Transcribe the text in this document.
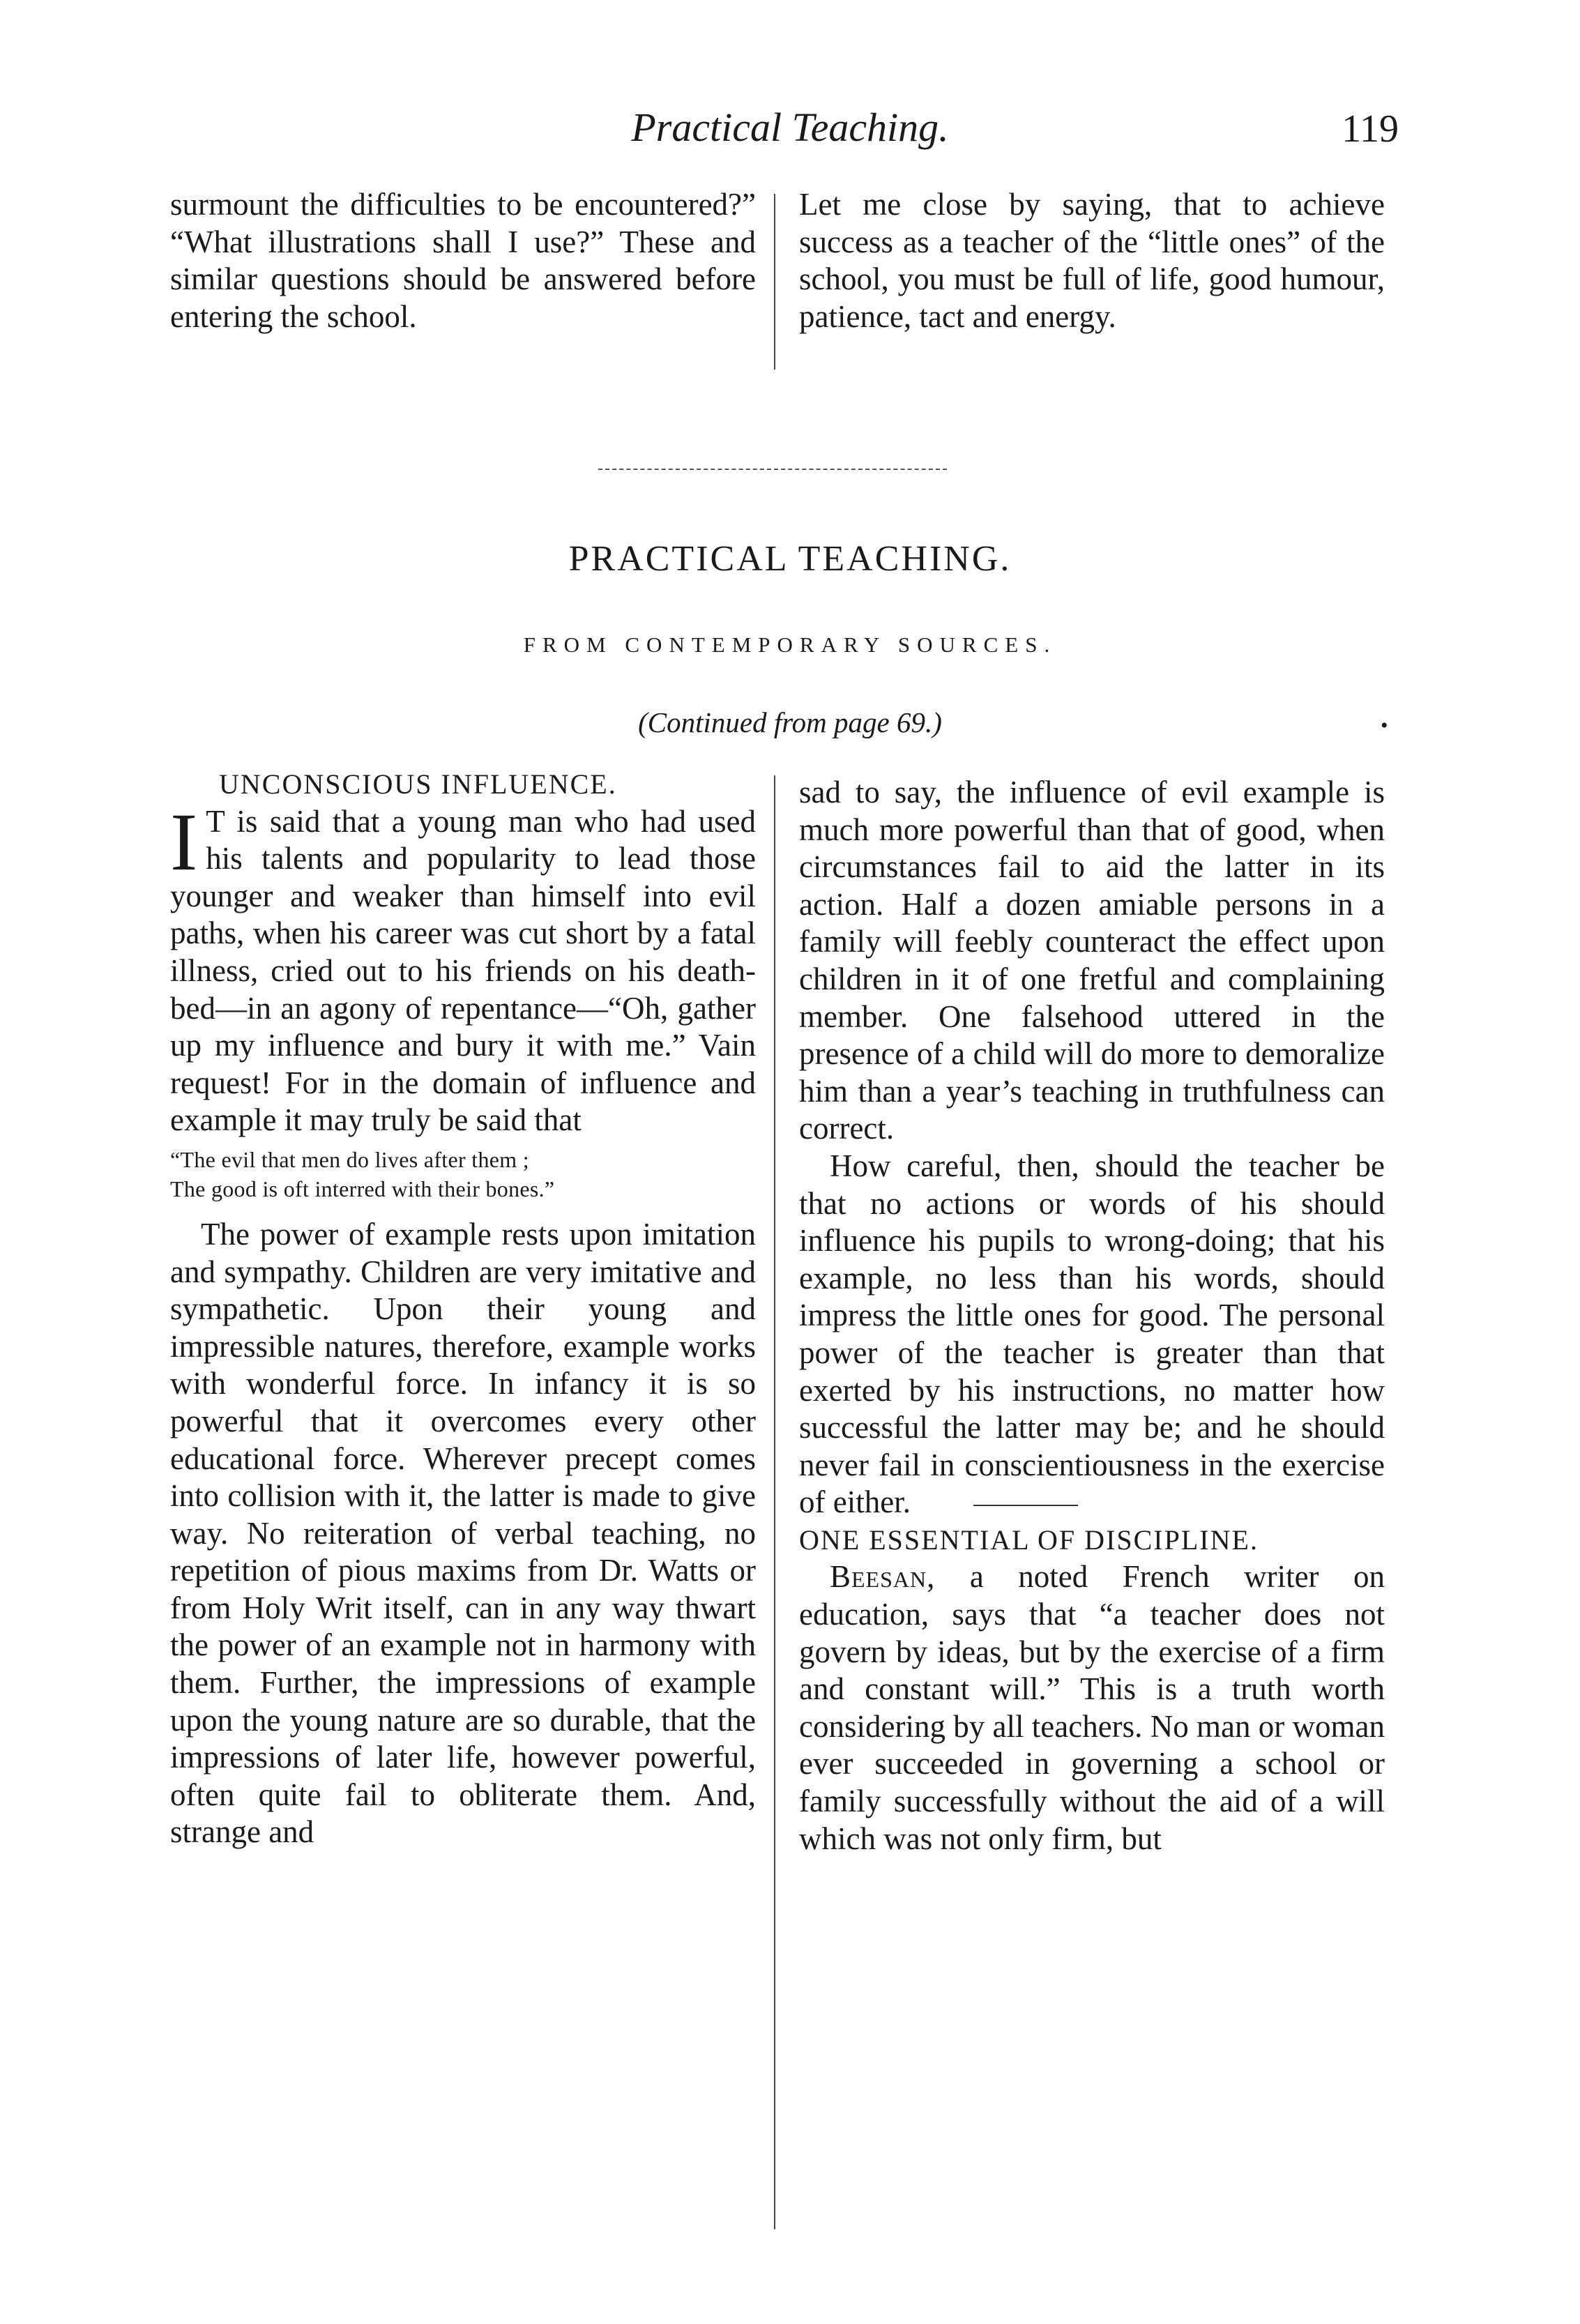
Practical Teaching.	119

surmount the difficulties to be encountered?” “What illustrations shall I use?” These and similar questions should be answered before entering the school.

Let me close by saying, that to achieve success as a teacher of the “little ones” of the school, you must be full of life, good humour, patience, tact and energy.

PRACTICAL TEACHING.
FROM CONTEMPORARY SOURCES.
(Continued from page 69.)	•

UNCONSCIOUS INFLUENCE.

I T is said that a young man who had used his talents and popularity to lead those younger and weaker than himself into evil paths, when his career was cut short by a fatal illness, cried out to his friends on his death-bed—in an agony of repentance—“Oh, gather up my influence and bury it with me.” Vain request! For in the domain of influence and example it may truly be said that

“The evil that men do lives after them ;
The good is oft interred with their bones.”

The power of example rests upon imitation and sympathy. Children are very imitative and sympathetic. Upon their young and impressible natures, therefore, example works with wonderful force. In infancy it is so powerful that it overcomes every other educational force. Wherever precept comes into collision with it, the latter is made to give way. No reiteration of verbal teaching, no repetition of pious maxims from Dr. Watts or from Holy Writ itself, can in any way thwart the power of an example not in harmony with them. Further, the impressions of example upon the young nature are so durable, that the impressions of later life, however powerful, often quite fail to obliterate them. And, strange and

sad to say, the influence of evil example is much more powerful than that of good, when circumstances fail to aid the latter in its action. Half a dozen amiable persons in a family will feebly counteract the effect upon children in it of one fretful and complaining member. One falsehood uttered in the presence of a child will do more to demoralize him than a year’s teaching in truthfulness can correct.

How careful, then, should the teacher be that no actions or words of his should influence his pupils to wrong-doing; that his example, no less than his words, should impress the little ones for good. The personal power of the teacher is greater than that exerted by his instructions, no matter how successful the latter may be; and he should never fail in conscientiousness in the exercise of either.

ONE ESSENTIAL OF DISCIPLINE.

Beesan, a noted French writer on education, says that “a teacher does not govern by ideas, but by the exercise of a firm and constant will.” This is a truth worth considering by all teachers. No man or woman ever succeeded in governing a school or family successfully without the aid of a will which was not only firm, but
